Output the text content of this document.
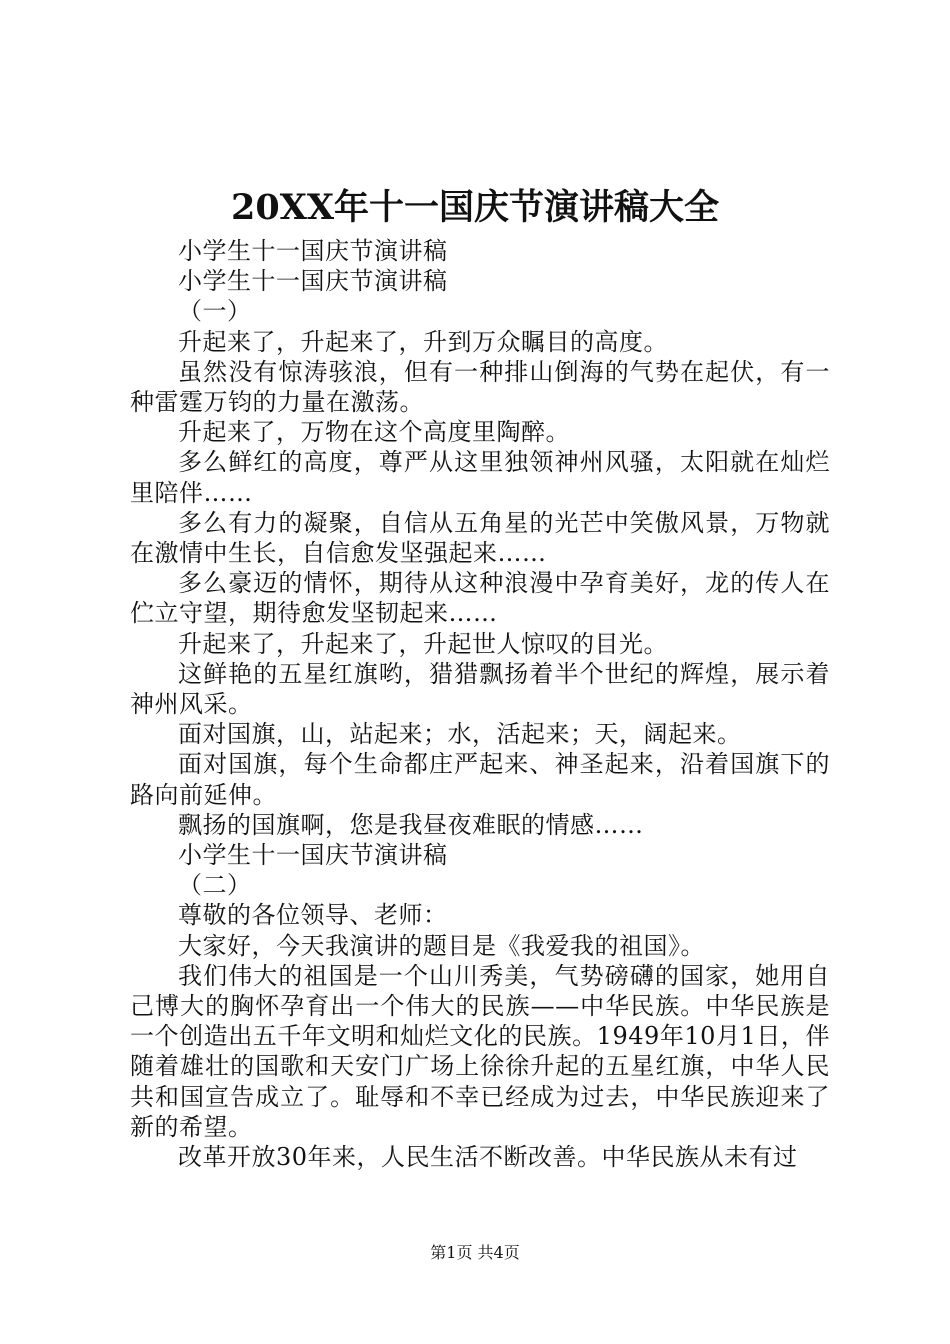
20XX年十一国庆节演讲稿大全

小学生十一国庆节演讲稿

小学生十一国庆节演讲稿

（一）

升起来了，升起来了，升到万众瞩目的高度。

虽然没有惊涛骇浪，但有一种排山倒海的气势在起伏，有一种雷霆万钧的力量在激荡。

升起来了，万物在这个高度里陶醉。

多么鲜红的高度，尊严从这里独领神州风骚，太阳就在灿烂里陪伴……

多么有力的凝聚，自信从五角星的光芒中笑傲风景，万物就在激情中生长，自信愈发坚强起来……

多么豪迈的情怀，期待从这种浪漫中孕育美好，龙的传人在伫立守望，期待愈发坚韧起来……

升起来了，升起来了，升起世人惊叹的目光。

这鲜艳的五星红旗哟，猎猎飘扬着半个世纪的辉煌，展示着神州风采。

面对国旗，山，站起来；水，活起来；天，阔起来。

面对国旗，每个生命都庄严起来、神圣起来，沿着国旗下的路向前延伸。

飘扬的国旗啊，您是我昼夜难眠的情感……

小学生十一国庆节演讲稿

（二）

尊敬的各位领导、老师：

大家好，今天我演讲的题目是《我爱我的祖国》。

我们伟大的祖国是一个山川秀美，气势磅礴的国家，她用自己博大的胸怀孕育出一个伟大的民族——中华民族。中华民族是一个创造出五千年文明和灿烂文化的民族。1949年10月1日，伴随着雄壮的国歌和天安门广场上徐徐升起的五星红旗，中华人民共和国宣告成立了。耻辱和不幸已经成为过去，中华民族迎来了新的希望。

改革开放30年来，人民生活不断改善。中华民族从未有过

第1页 共4页
